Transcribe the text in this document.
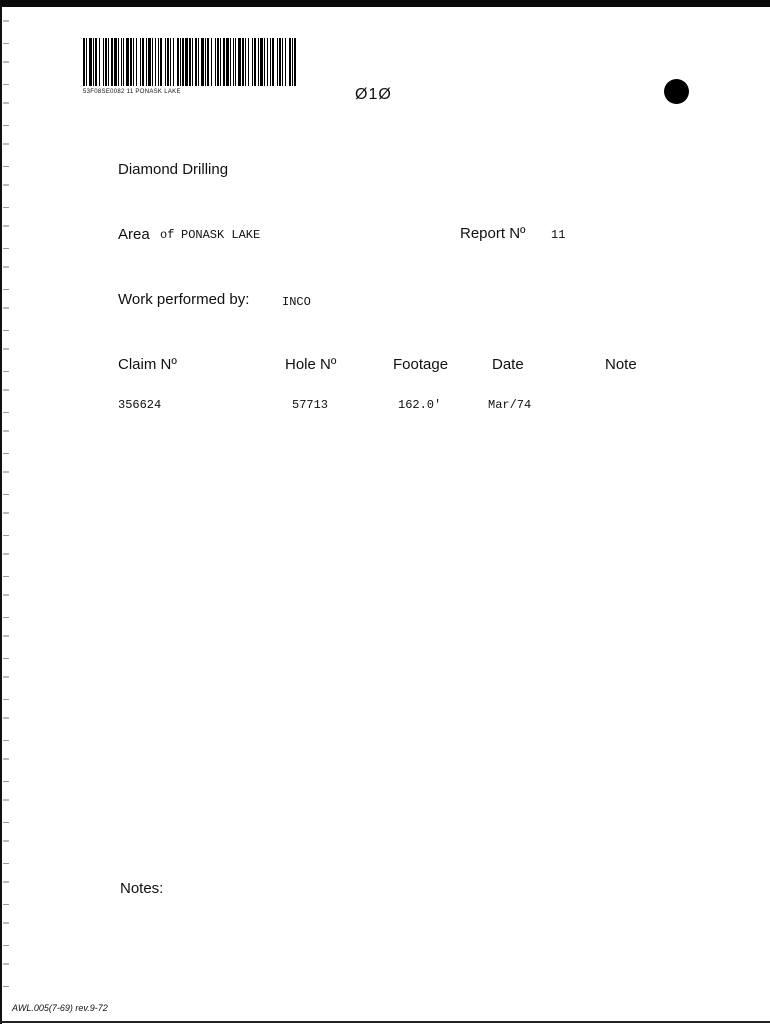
53F08SE0082 11 PONASK LAKE	Ø1Ø
Diamond Drilling
Area of PONASK LAKE	Report Nº 11
Work performed by:	INCO
Claim Nº	Hole Nº	Footage	Date	Note
356624	57713	162.0'	Mar/74
Notes:
AWL.005(7-69) rev.9-72
